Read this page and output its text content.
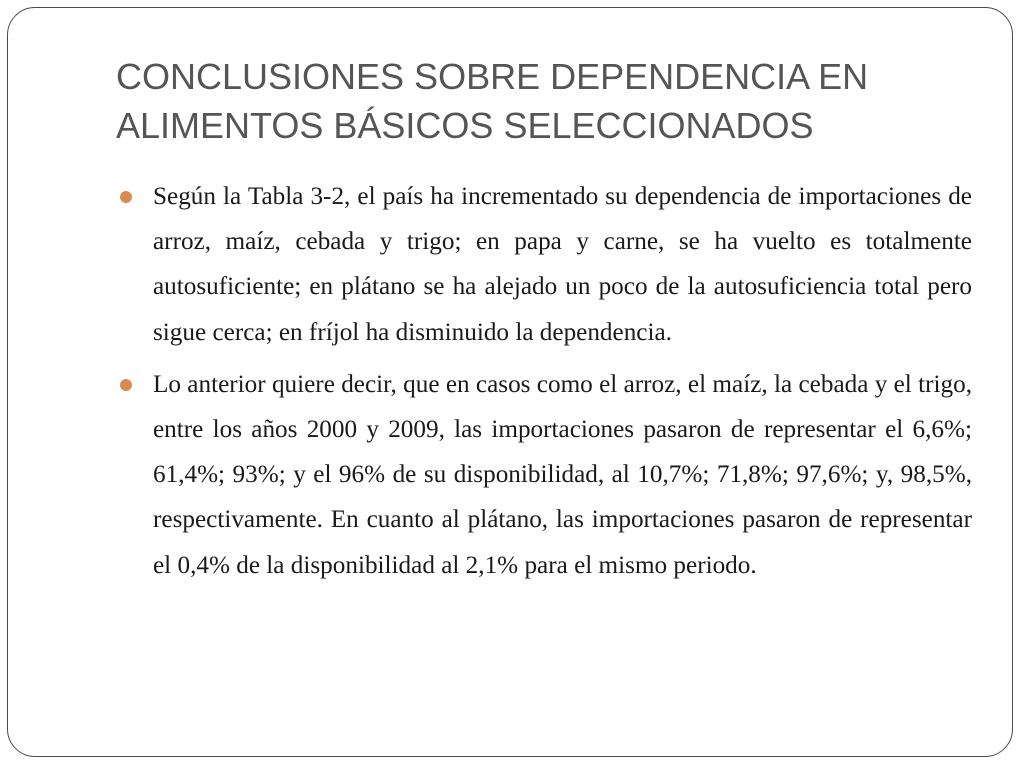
CONCLUSIONES SOBRE DEPENDENCIA EN ALIMENTOS BÁSICOS SELECCIONADOS
Según la Tabla 3-2, el país ha incrementado su dependencia de importaciones de arroz, maíz, cebada y trigo; en papa y carne, se ha vuelto es totalmente autosuficiente; en plátano se ha alejado un poco de la autosuficiencia total pero sigue cerca; en fríjol ha disminuido la dependencia.
Lo anterior quiere decir, que en casos como el arroz, el maíz, la cebada y el trigo, entre los años 2000 y 2009, las importaciones pasaron de representar el 6,6%; 61,4%; 93%; y el 96% de su disponibilidad, al 10,7%; 71,8%; 97,6%; y, 98,5%, respectivamente. En cuanto al plátano, las importaciones pasaron de representar el 0,4% de la disponibilidad al 2,1% para el mismo periodo.
